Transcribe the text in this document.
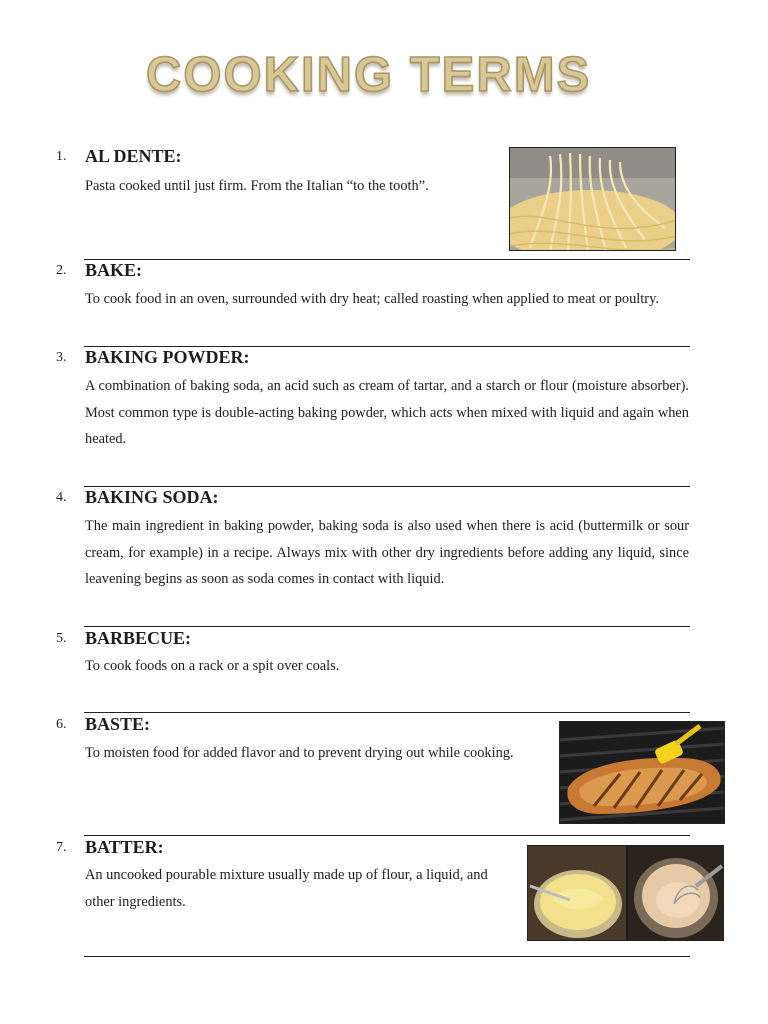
COOKING TERMS
1. AL DENTE:
Pasta cooked until just firm. From the Italian “to the tooth”.
2. BAKE:
To cook food in an oven, surrounded with dry heat; called roasting when applied to meat or poultry.
3. BAKING POWDER:
A combination of baking soda, an acid such as cream of tartar, and a starch or flour (moisture absorber). Most common type is double-acting baking powder, which acts when mixed with liquid and again when heated.
4. BAKING SODA:
The main ingredient in baking powder, baking soda is also used when there is acid (buttermilk or sour cream, for example) in a recipe. Always mix with other dry ingredients before adding any liquid, since leavening begins as soon as soda comes in contact with liquid.
5. BARBECUE:
To cook foods on a rack or a spit over coals.
6. BASTE:
To moisten food for added flavor and to prevent drying out while cooking.
7. BATTER:
An uncooked pourable mixture usually made up of flour, a liquid, and other ingredients.
